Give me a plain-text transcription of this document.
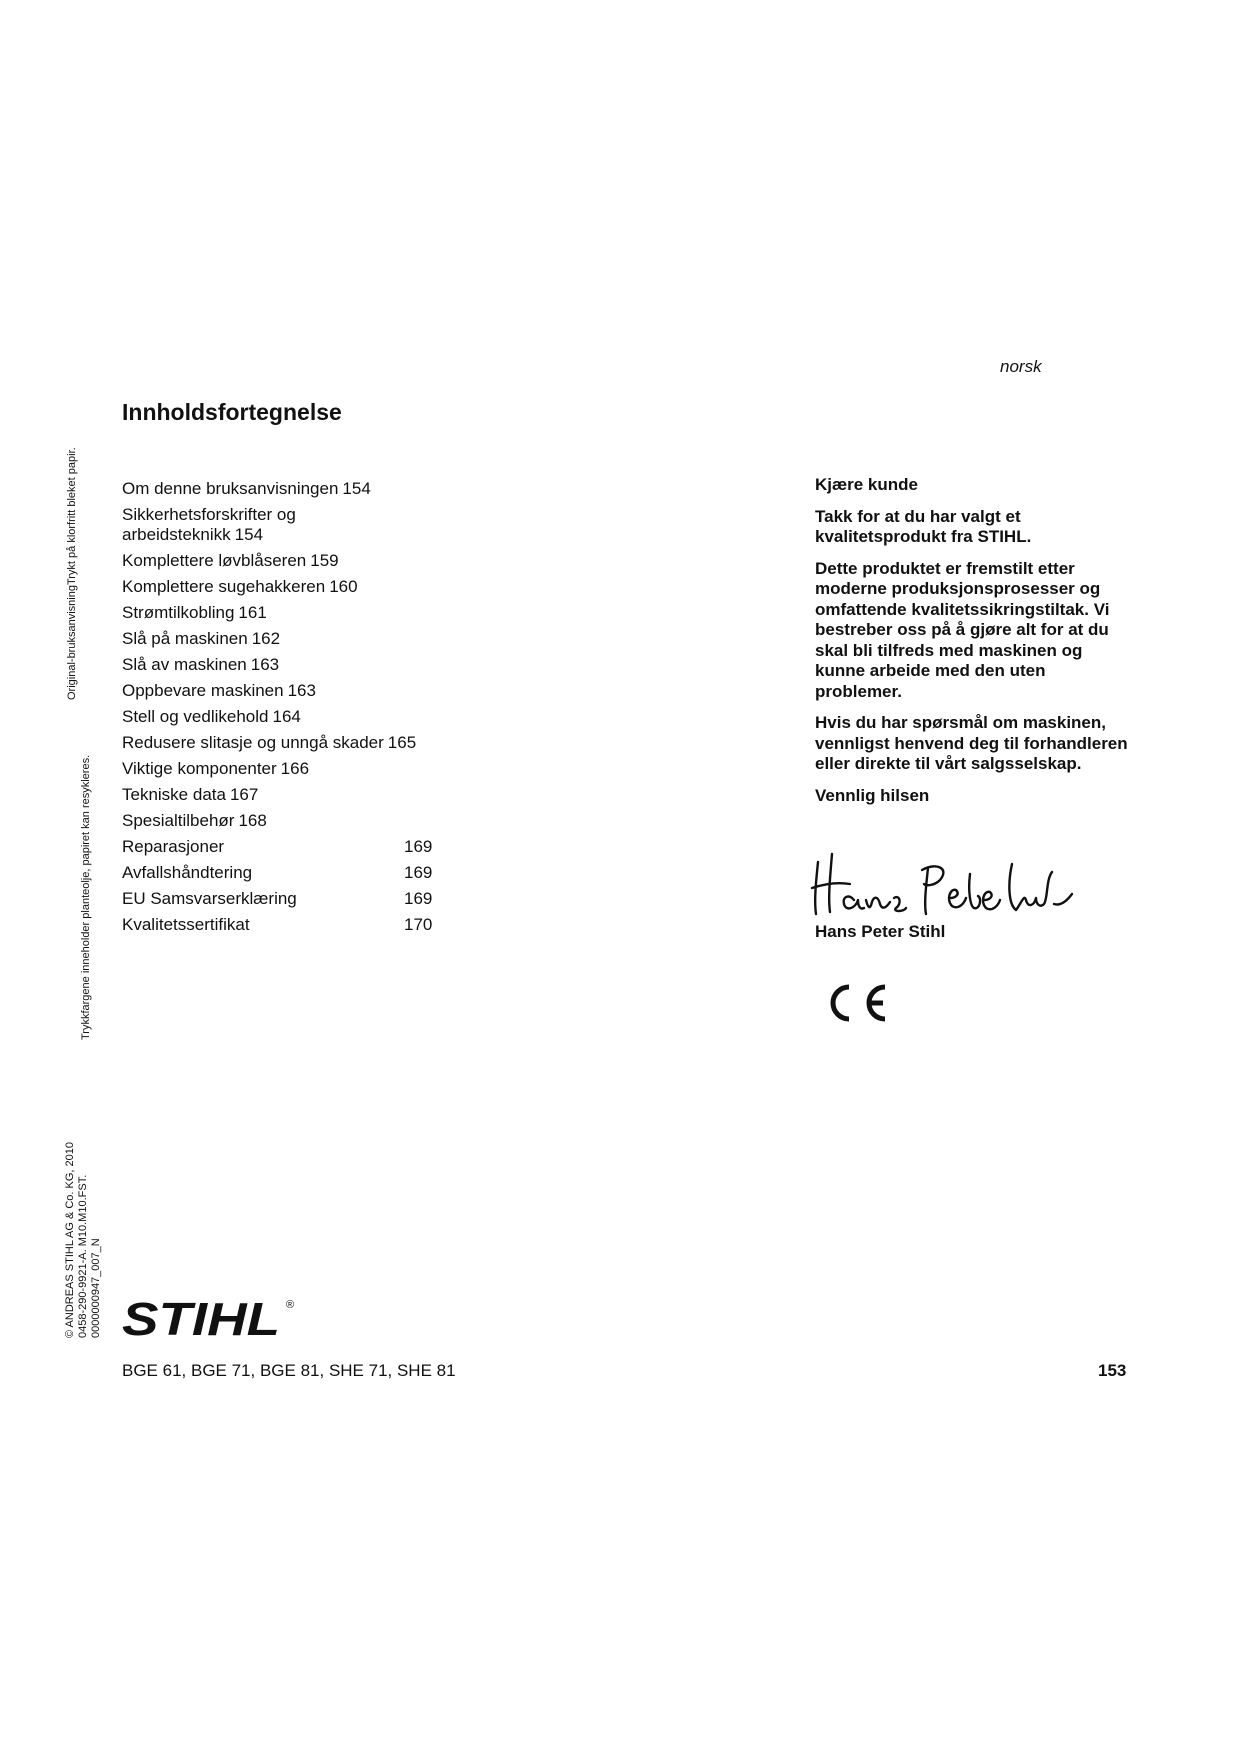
norsk
Original-bruksanvisningTrykt på klorfritt bleket papir.
Trykkfargene inneholder planteolje, papiret kan resykleres.
© ANDREAS STIHL AG & Co. KG, 2010 0458-290-9921-A. M10.M10.FST. 0000000947_007_N
Innholdsfortegnelse
Om denne bruksanvisningen 154
Sikkerhetsforskrifter og arbeidsteknikk 154
Komplettere løvblåseren 159
Komplettere sugehakkeren 160
Strømtilkobling 161
Slå på maskinen 162
Slå av maskinen 163
Oppbevare maskinen 163
Stell og vedlikehold 164
Redusere slitasje og unngå skader 165
Viktige komponenter 166
Tekniske data 167
Spesialtilbehør 168
Reparasjoner	169
Avfallshåndtering	169
EU Samsvarserklæring	169
Kvalitetssertifikat	170

Kjære kunde

Takk for at du har valgt et kvalitetsprodukt fra STIHL.

Dette produktet er fremstilt etter moderne produksjonsprosesser og omfattende kvalitetssikringstiltak. Vi bestreber oss på å gjøre alt for at du skal bli tilfreds med maskinen og kunne arbeide med den uten problemer.

Hvis du har spørsmål om maskinen, vennligst henvend deg til forhandleren eller direkte til vårt salgsselskap.

Vennlig hilsen

Hans Peter Stihl
Hans Peter Stihl
CE
STIHL ®
BGE 61, BGE 71, BGE 81, SHE 71, SHE 81	153
